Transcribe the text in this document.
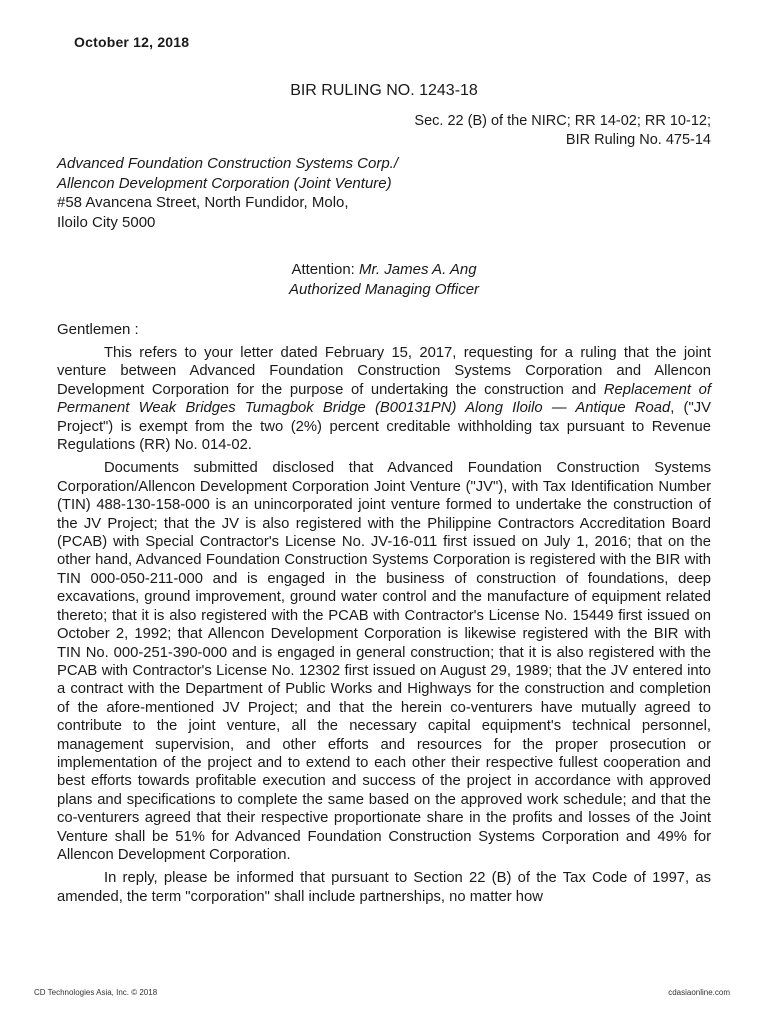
October 12, 2018
BIR RULING NO. 1243-18
Sec. 22 (B) of the NIRC; RR 14-02; RR 10-12;
BIR Ruling No. 475-14
Advanced Foundation Construction Systems Corp./
Allencon Development Corporation (Joint Venture)
#58 Avancena Street, North Fundidor, Molo,
Iloilo City 5000
Attention: Mr. James A. Ang
Authorized Managing Officer
Gentlemen :

This refers to your letter dated February 15, 2017, requesting for a ruling that the joint venture between Advanced Foundation Construction Systems Corporation and Allencon Development Corporation for the purpose of undertaking the construction and Replacement of Permanent Weak Bridges Tumagbok Bridge (B00131PN) Along Iloilo — Antique Road, ("JV Project") is exempt from the two (2%) percent creditable withholding tax pursuant to Revenue Regulations (RR) No. 014-02.

Documents submitted disclosed that Advanced Foundation Construction Systems Corporation/Allencon Development Corporation Joint Venture ("JV"), with Tax Identification Number (TIN) 488-130-158-000 is an unincorporated joint venture formed to undertake the construction of the JV Project; that the JV is also registered with the Philippine Contractors Accreditation Board (PCAB) with Special Contractor's License No. JV-16-011 first issued on July 1, 2016; that on the other hand, Advanced Foundation Construction Systems Corporation is registered with the BIR with TIN 000-050-211-000 and is engaged in the business of construction of foundations, deep excavations, ground improvement, ground water control and the manufacture of equipment related thereto; that it is also registered with the PCAB with Contractor's License No. 15449 first issued on October 2, 1992; that Allencon Development Corporation is likewise registered with the BIR with TIN No. 000-251-390-000 and is engaged in general construction; that it is also registered with the PCAB with Contractor's License No. 12302 first issued on August 29, 1989; that the JV entered into a contract with the Department of Public Works and Highways for the construction and completion of the afore-mentioned JV Project; and that the herein co-venturers have mutually agreed to contribute to the joint venture, all the necessary capital equipment's technical personnel, management supervision, and other efforts and resources for the proper prosecution or implementation of the project and to extend to each other their respective fullest cooperation and best efforts towards profitable execution and success of the project in accordance with approved plans and specifications to complete the same based on the approved work schedule; and that the co-venturers agreed that their respective proportionate share in the profits and losses of the Joint Venture shall be 51% for Advanced Foundation Construction Systems Corporation and 49% for Allencon Development Corporation.

In reply, please be informed that pursuant to Section 22 (B) of the Tax Code of 1997, as amended, the term "corporation" shall include partnerships, no matter how

CD Technologies Asia, Inc. © 2018	cdasiaonline.com
